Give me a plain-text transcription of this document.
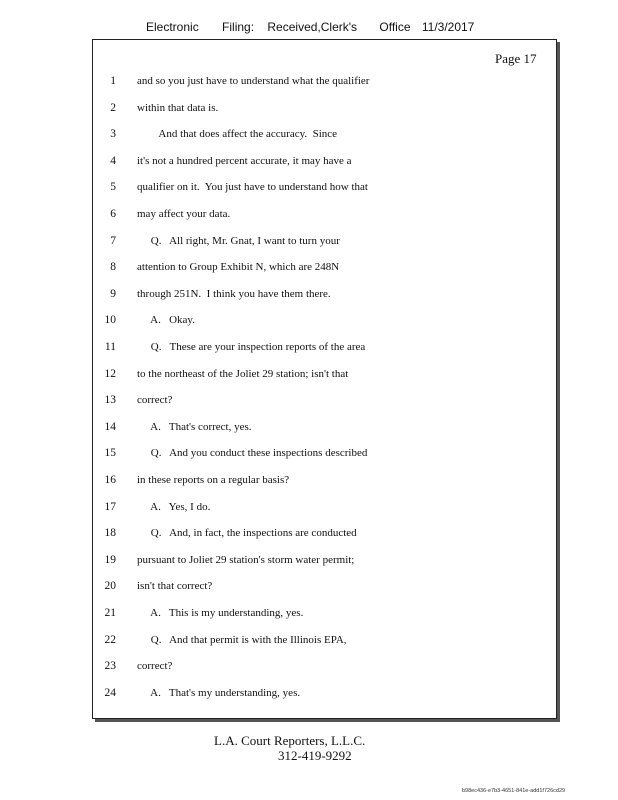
Electronic Filing: Received,Clerk's Office 11/3/2017
Page 17
1 and so you just have to understand what the qualifier
2 within that data is.
3 And that does affect the accuracy.  Since
4 it's not a hundred percent accurate, it may have a
5 qualifier on it.  You just have to understand how that
6 may affect your data.
7 Q.   All right, Mr. Gnat, I want to turn your
8 attention to Group Exhibit N, which are 248N
9 through 251N.  I think you have them there.
10 A.   Okay.
11 Q.   These are your inspection reports of the area
12 to the northeast of the Joliet 29 station; isn't that
13 correct?
14 A.   That's correct, yes.
15 Q.   And you conduct these inspections described
16 in these reports on a regular basis?
17 A.   Yes, I do.
18 Q.   And, in fact, the inspections are conducted
19 pursuant to Joliet 29 station's storm water permit;
20 isn't that correct?
21 A.   This is my understanding, yes.
22 Q.   And that permit is with the Illinois EPA,
23 correct?
24 A.   That's my understanding, yes.
L.A. Court Reporters, L.L.C.
312-419-9292
b98ec436-e7b3-4651-841e-add1f726cd29
